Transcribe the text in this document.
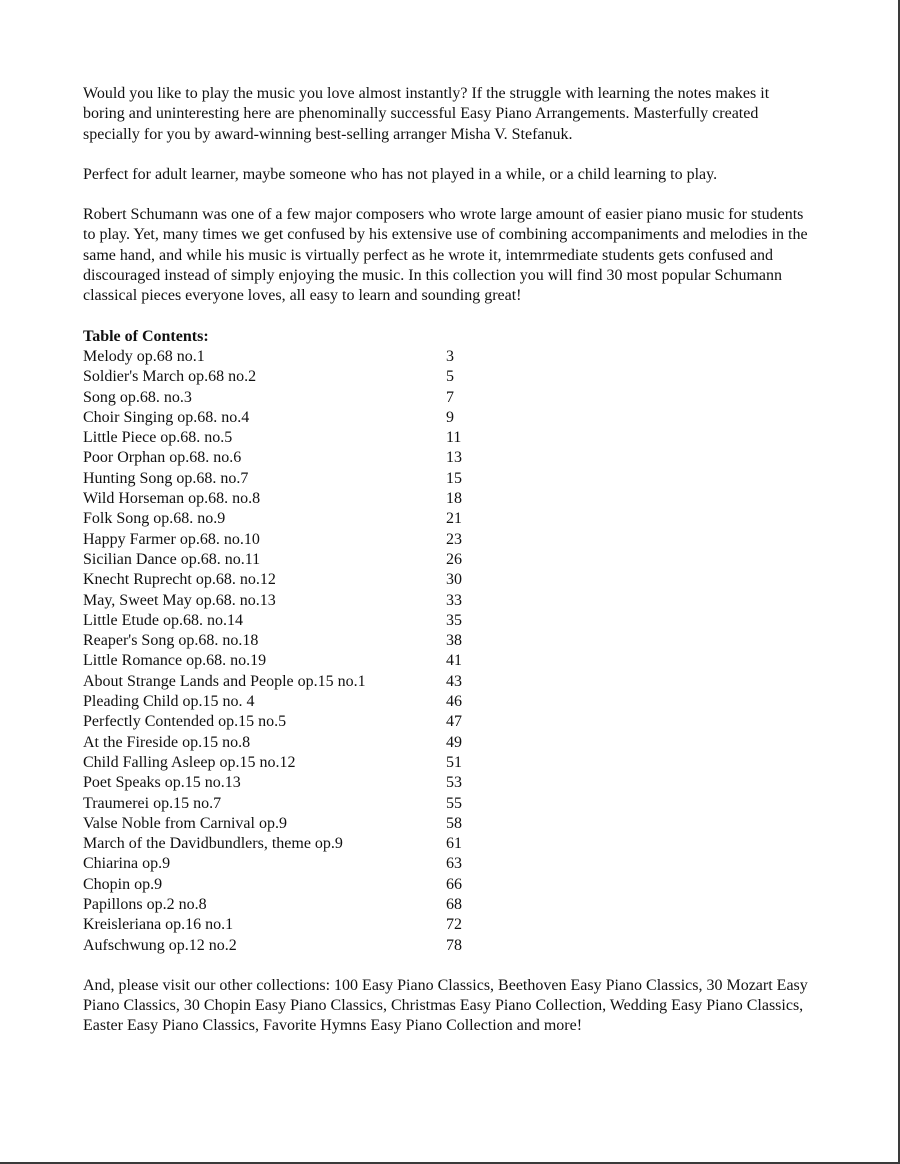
Would you like to play the music you love almost instantly? If the struggle with learning the notes makes it boring and uninteresting here are phenominally successful Easy Piano Arrangements. Masterfully created specially for you by award-winning best-selling arranger Misha V. Stefanuk.

Perfect for adult learner, maybe someone who has not played in a while, or a child learning to play.

Robert Schumann was one of a few major composers who wrote large amount of easier piano music for students to play. Yet, many times we get confused by his extensive use of combining accompaniments and melodies in the same hand, and while his music is virtually perfect as he wrote it, intemrmediate students gets confused and discouraged instead of simply enjoying the music. In this collection you will find 30 most popular Schumann classical pieces everyone loves, all easy to learn and sounding great!

Table of Contents:

Melody op.68 no.1	3
Soldier's March op.68 no.2	5
Song op.68. no.3	7
Choir Singing op.68. no.4	9
Little Piece op.68. no.5	11
Poor Orphan op.68. no.6	13
Hunting Song op.68. no.7	15
Wild Horseman op.68. no.8	18
Folk Song op.68. no.9	21
Happy Farmer op.68. no.10	23
Sicilian Dance op.68. no.11	26
Knecht Ruprecht op.68. no.12	30
May, Sweet May op.68. no.13	33
Little Etude op.68. no.14	35
Reaper's Song op.68. no.18	38
Little Romance op.68. no.19	41
About Strange Lands and People op.15 no.1	43
Pleading Child op.15 no. 4	46
Perfectly Contended op.15 no.5	47
At the Fireside op.15 no.8	49
Child Falling Asleep op.15 no.12	51
Poet Speaks op.15 no.13	53
Traumerei op.15 no.7	55
Valse Noble from Carnival op.9	58
March of the Davidbundlers, theme op.9	61
Chiarina op.9	63
Chopin op.9	66
Papillons op.2 no.8	68
Kreisleriana op.16 no.1	72
Aufschwung op.12 no.2	78

And, please visit our other collections: 100 Easy Piano Classics, Beethoven Easy Piano Classics, 30 Mozart Easy Piano Classics, 30 Chopin Easy Piano Classics, Christmas Easy Piano Collection, Wedding Easy Piano Classics, Easter Easy Piano Classics, Favorite Hymns Easy Piano Collection and more!
